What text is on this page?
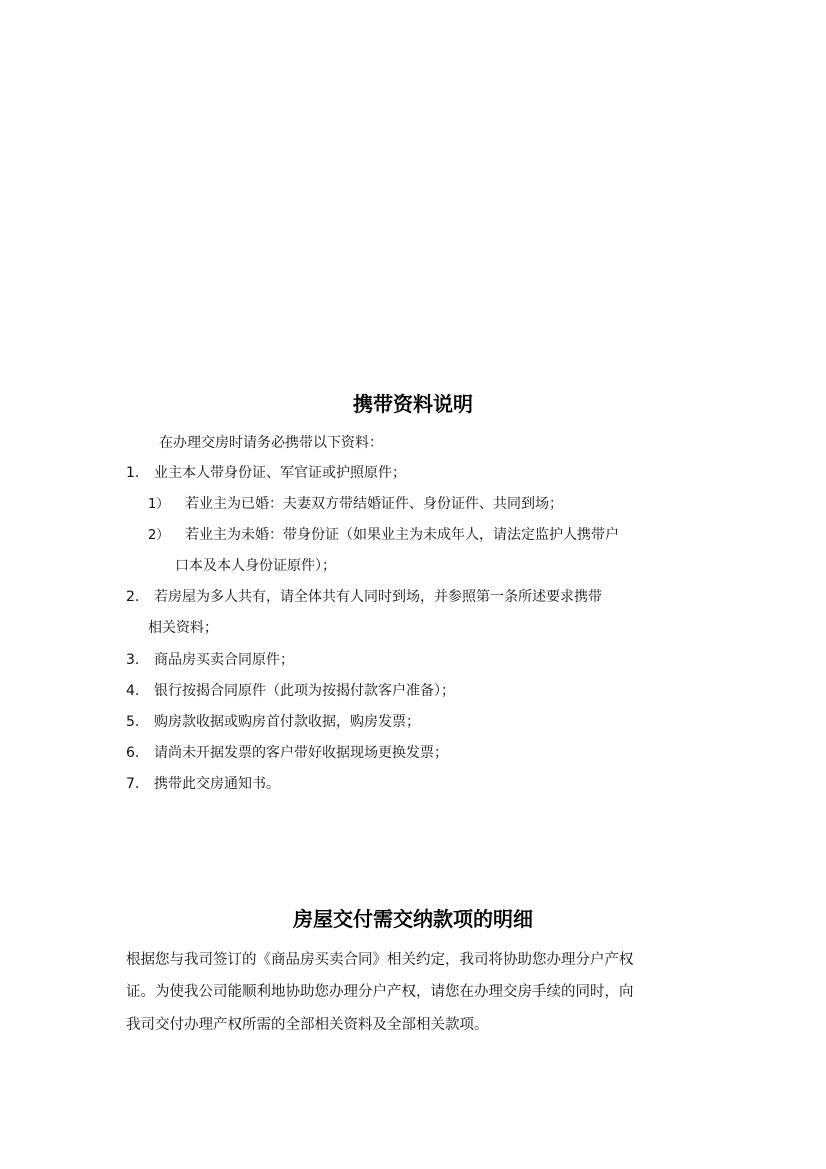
携带资料说明
在办理交房时请务必携带以下资料：
1. 业主本人带身份证、军官证或护照原件；
1） 若业主为已婚：夫妻双方带结婚证件、身份证件、共同到场；
2） 若业主为未婚：带身份证（如果业主为未成年人，请法定监护人携带户
口本及本人身份证原件）；
2. 若房屋为多人共有，请全体共有人同时到场，并参照第一条所述要求携带
相关资料；
3. 商品房买卖合同原件；
4. 银行按揭合同原件（此项为按揭付款客户准备）；
5. 购房款收据或购房首付款收据，购房发票；
6. 请尚未开据发票的客户带好收据现场更换发票；
7. 携带此交房通知书。
房屋交付需交纳款项的明细
根据您与我司签订的《商品房买卖合同》相关约定，我司将协助您办理分户产权
证。为使我公司能顺利地协助您办理分户产权，请您在办理交房手续的同时，向
我司交付办理产权所需的全部相关资料及全部相关款项。
